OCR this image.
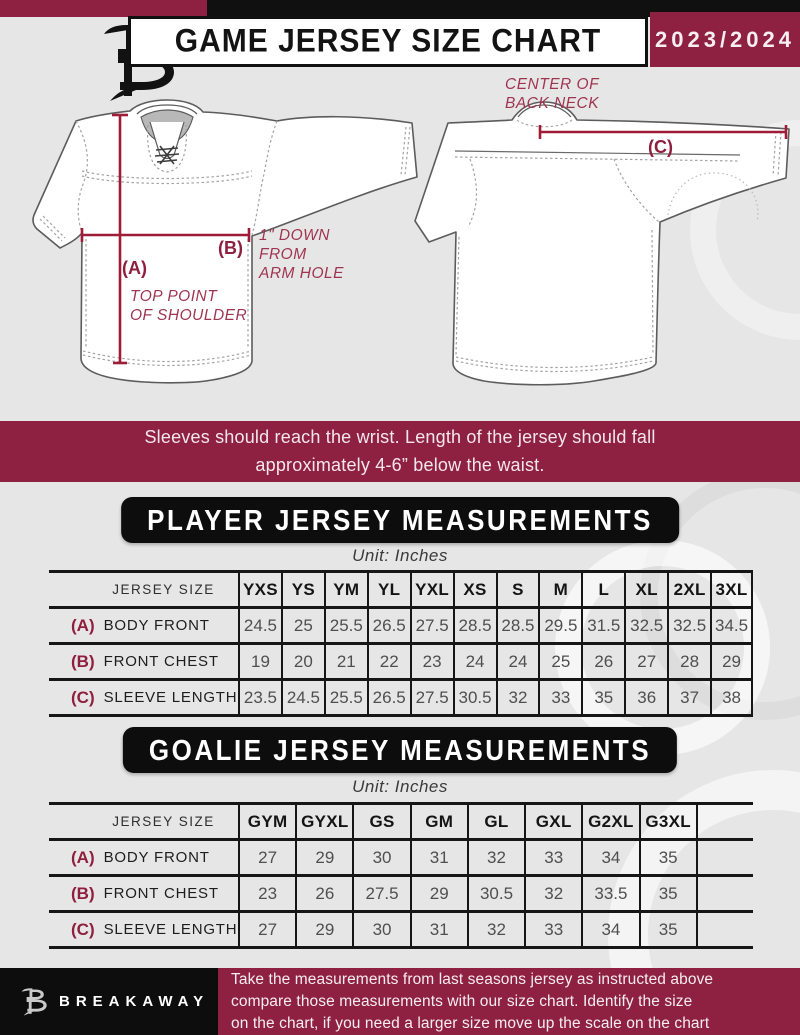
GAME JERSEY SIZE CHART 2023/2024
(A)
TOP POINT
OF SHOULDER
(B)
1" DOWN
FROM
ARM HOLE
(C)
CENTER OF
BACK NECK
Sleeves should reach the wrist. Length of the jersey should fall
approximately 4-6” below the waist.
PLAYER JERSEY MEASUREMENTS
Unit: Inches
JERSEY SIZE	YXS YS	YM	YL YXL XS	S	M	L	XL 2XL 3XL
(A) BODY FRONT	24.5 25 25.5 26.5 27.5 28.5 28.5 29.5 31.5 32.5 32.5 34.5
(B) FRONT CHEST	19	20	21	22	23	24	24	25	26	27	28	29
(C) SLEEVE LENGTH 23.5 24.5 25.5 26.5 27.5 30.5 32	33	35	36	37	38
GOALIE JERSEY MEASUREMENTS
Unit: Inches
JERSEY SIZE	GYM GYXL	GS	GM	GL	GXL G2XL G3XL
(A) BODY FRONT	27	29	30	31	32	33	34	35
(B) FRONT CHEST	23	26	27.5	29	30.5	32	33.5	35
(C) SLEEVE LENGTH	27	29	30	31	32	33	34	35
BREAKAWAY
Take the measurements from last seasons jersey as instructed above
compare those measurements with our size chart. Identify the size
on the chart, if you need a larger size move up the scale on the chart
